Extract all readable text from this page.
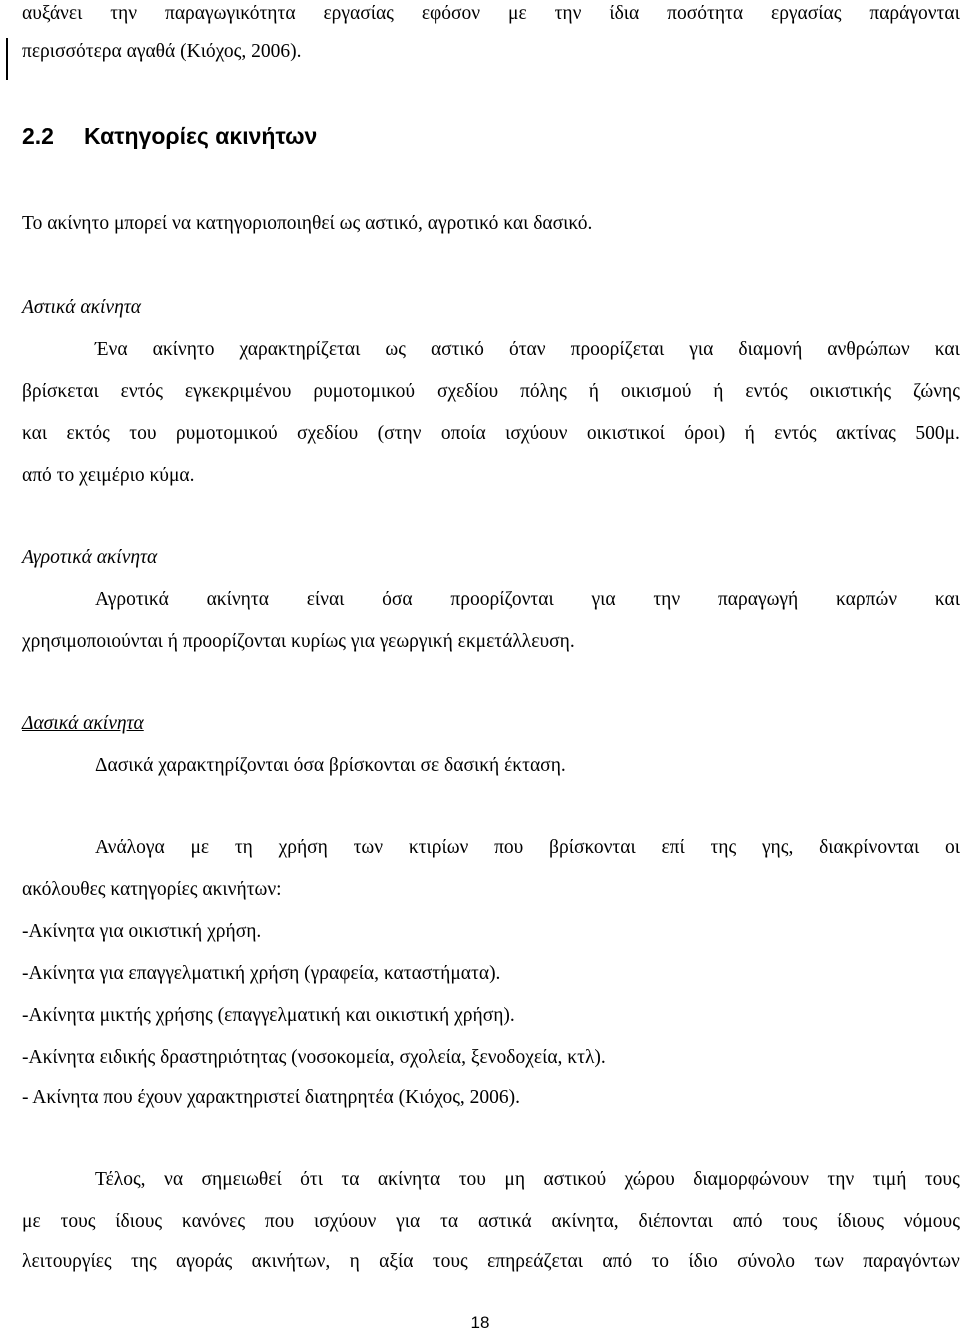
αυξάνει την παραγωγικότητα εργασίας εφόσον με την ίδια ποσότητα εργασίας παράγονται
περισσότερα αγαθά (Κιόχος, 2006).
2.2 Κατηγορίες ακινήτων
Το ακίνητο μπορεί να κατηγοριοποιηθεί ως αστικό, αγροτικό και δασικό.
Αστικά ακίνητα
Ένα ακίνητο χαρακτηρίζεται ως αστικό όταν προορίζεται για διαμονή ανθρώπων και
βρίσκεται εντός εγκεκριμένου ρυμοτομικού σχεδίου πόλης ή οικισμού ή εντός οικιστικής ζώνης
και εκτός του ρυμοτομικού σχεδίου (στην οποία ισχύουν οικιστικοί όροι) ή εντός ακτίνας 500μ.
από το χειμέριο κύμα.
Αγροτικά ακίνητα
Αγροτικά ακίνητα είναι όσα προορίζονται για την παραγωγή καρπών και
χρησιμοποιούνται ή προορίζονται κυρίως για γεωργική εκμετάλλευση.
Δασικά ακίνητα
Δασικά χαρακτηρίζονται όσα βρίσκονται σε δασική έκταση.
Ανάλογα με τη χρήση των κτιρίων που βρίσκονται επί της γης, διακρίνονται οι
ακόλουθες κατηγορίες ακινήτων:
-Ακίνητα για οικιστική χρήση.
-Ακίνητα για επαγγελματική χρήση (γραφεία, καταστήματα).
-Ακίνητα μικτής χρήσης (επαγγελματική και οικιστική χρήση).
-Ακίνητα ειδικής δραστηριότητας (νοσοκομεία, σχολεία, ξενοδοχεία, κτλ).
- Ακίνητα που έχουν χαρακτηριστεί διατηρητέα (Κιόχος, 2006).
Τέλος, να σημειωθεί ότι τα ακίνητα του μη αστικού χώρου διαμορφώνουν την τιμή τους
με τους ίδιους κανόνες που ισχύουν για τα αστικά ακίνητα, διέπονται από τους ίδιους νόμους
λειτουργίες της αγοράς ακινήτων, η αξία τους επηρεάζεται από το ίδιο σύνολο των παραγόντων
18
